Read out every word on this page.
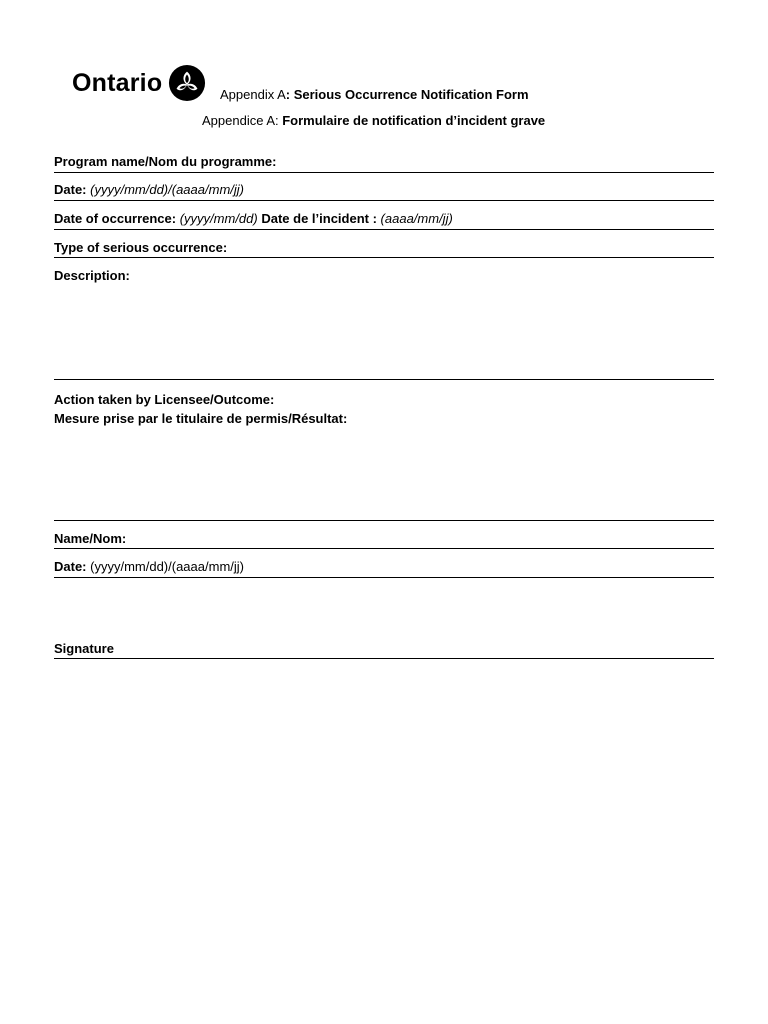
Ontario	Appendix A: Serious Occurrence Notification Form
Appendice A: Formulaire de notification d’incident grave
Program name/Nom du programme:
Date: (yyyy/mm/dd)/(aaaa/mm/jj)
Date of occurrence: (yyyy/mm/dd) Date de l’incident : (aaaa/mm/jj)
Type of serious occurrence:
Description:
Action taken by Licensee/Outcome:
Mesure prise par le titulaire de permis/Résultat:
Name/Nom:
Date: (yyyy/mm/dd)/(aaaa/mm/jj)
Signature
